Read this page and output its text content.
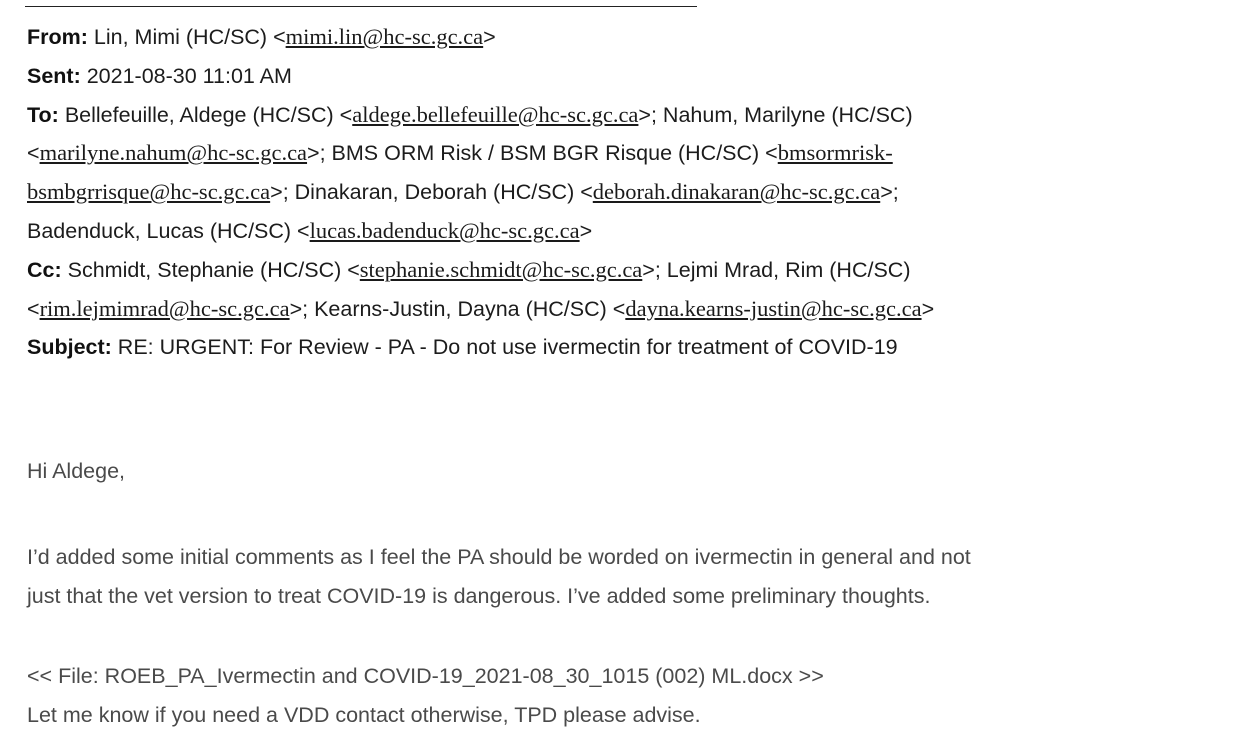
From: Lin, Mimi (HC/SC) <mimi.lin@hc-sc.gc.ca>
Sent: 2021-08-30 11:01 AM
To: Bellefeuille, Aldege (HC/SC) <aldege.bellefeuille@hc-sc.gc.ca>; Nahum, Marilyne (HC/SC)
<marilyne.nahum@hc-sc.gc.ca>; BMS ORM Risk / BSM BGR Risque (HC/SC) <bmsormrisk-
bsmbgrrisque@hc-sc.gc.ca>; Dinakaran, Deborah (HC/SC) <deborah.dinakaran@hc-sc.gc.ca>;
Badenduck, Lucas (HC/SC) <lucas.badenduck@hc-sc.gc.ca>
Cc: Schmidt, Stephanie (HC/SC) <stephanie.schmidt@hc-sc.gc.ca>; Lejmi Mrad, Rim (HC/SC)
<rim.lejmimrad@hc-sc.gc.ca>; Kearns-Justin, Dayna (HC/SC) <dayna.kearns-justin@hc-sc.gc.ca>
Subject: RE: URGENT: For Review - PA - Do not use ivermectin for treatment of COVID-19
Hi Aldege,
I’d added some initial comments as I feel the PA should be worded on ivermectin in general and not
just that the vet version to treat COVID-19 is dangerous. I’ve added some preliminary thoughts.
<< File: ROEB_PA_Ivermectin and COVID-19_2021-08_30_1015 (002) ML.docx >>
Let me know if you need a VDD contact otherwise, TPD please advise.
